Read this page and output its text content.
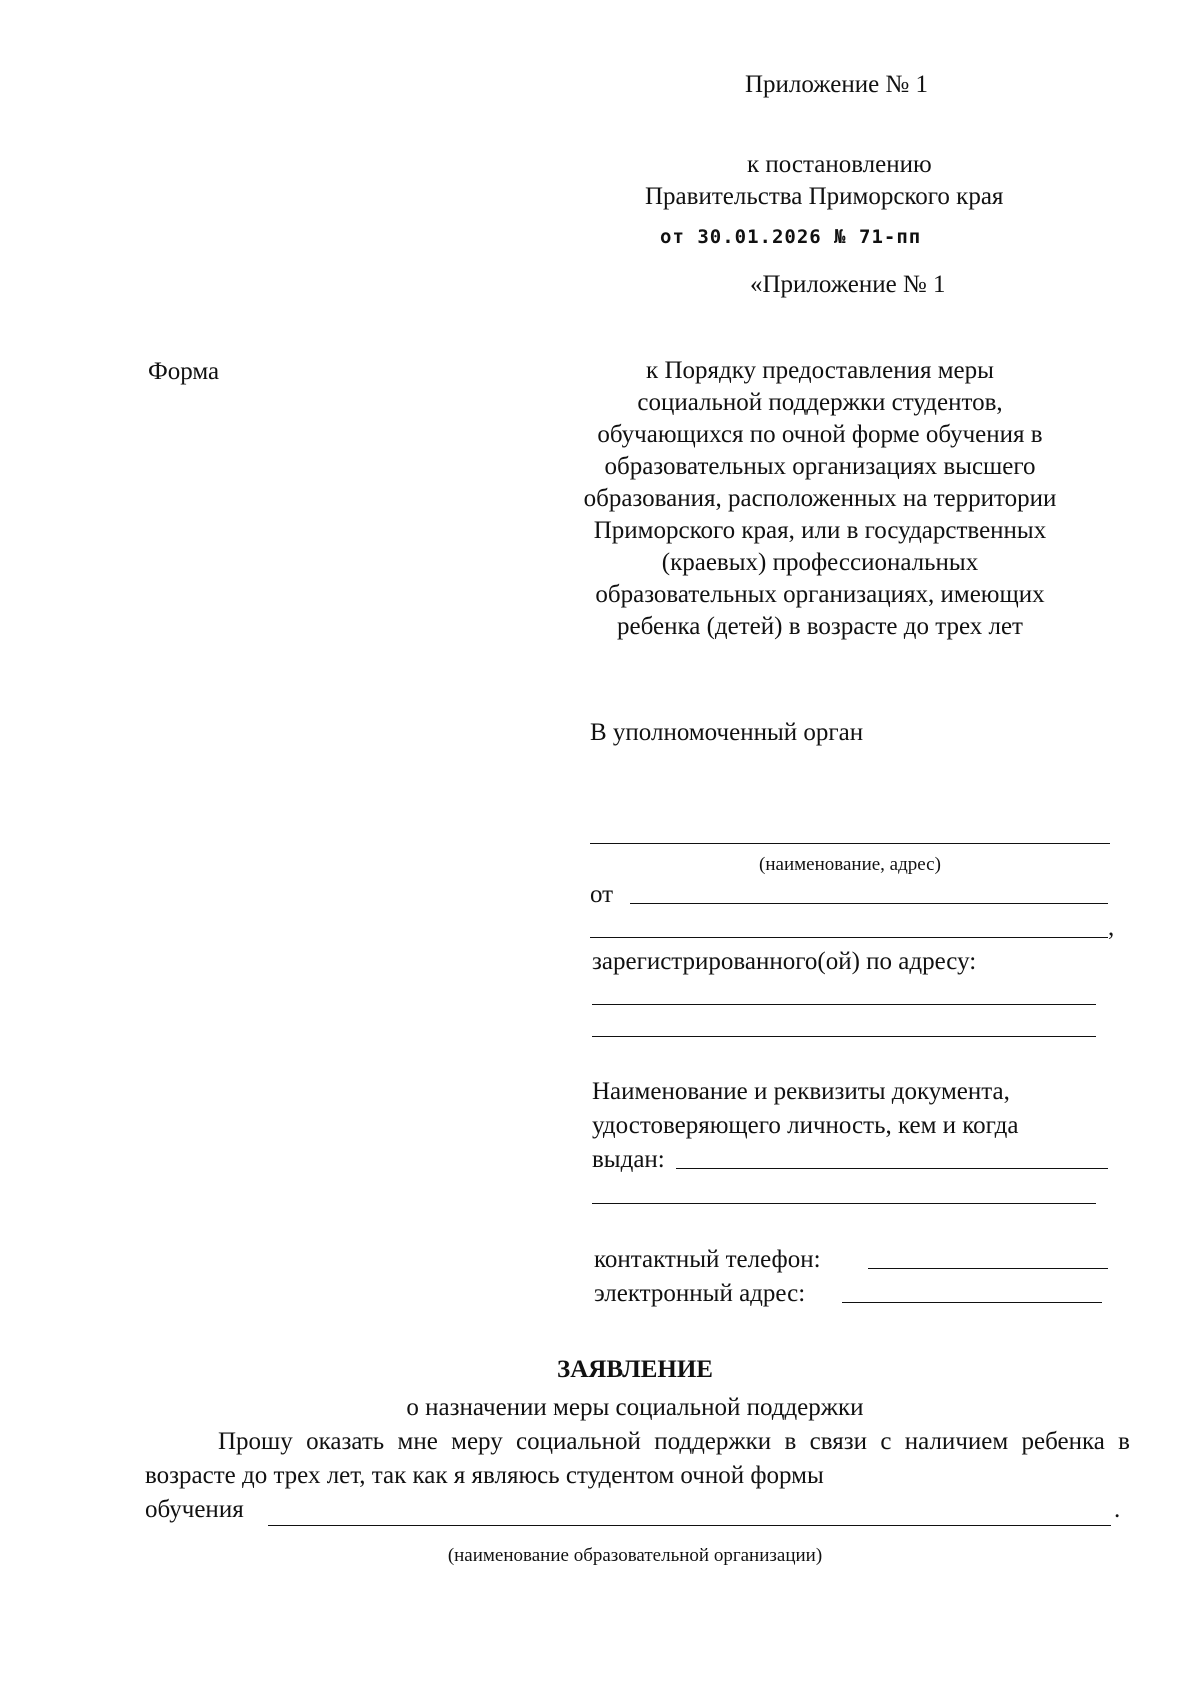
Приложение № 1
к постановлению
Правительства Приморского края
от 30.01.2026 № 71-пп
«Приложение № 1
Форма	к Порядку предоставления меры
социальной поддержки студентов,
обучающихся по очной форме обучения в
образовательных организациях высшего
образования, расположенных на территории
Приморского края, или в государственных
(краевых) профессиональных
образовательных организациях, имеющих
ребенка (детей) в возрасте до трех лет
В уполномоченный орган
(наименование, адрес)
от
,
зарегистрированного(ой) по адресу:
Наименование и реквизиты документа,
удостоверяющего личность, кем и когда
выдан:
контактный телефон:
электронный адрес:
ЗАЯВЛЕНИЕ
о назначении меры социальной поддержки
Прошу оказать мне меру социальной поддержки в связи с наличием ребенка в возрасте до трех лет, так как я являюсь студентом очной формы
обучения	.
(наименование образовательной организации)
